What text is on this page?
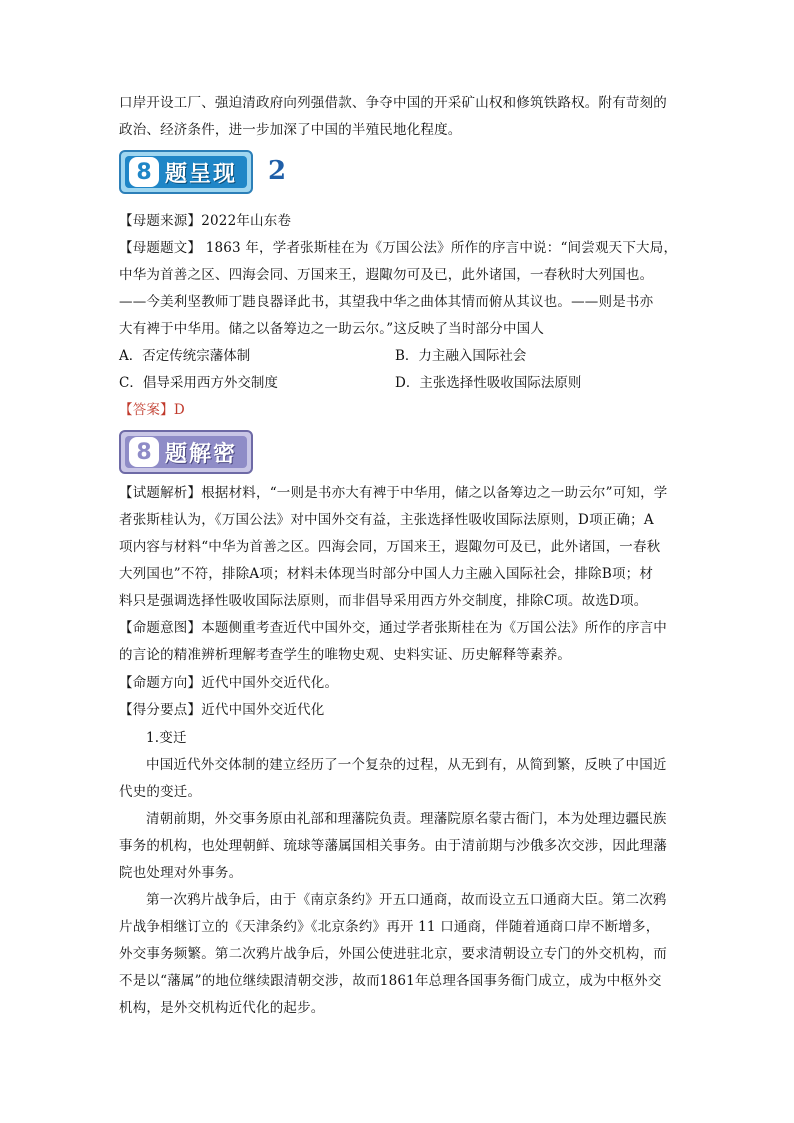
口岸开设工厂、强迫清政府向列强借款、争夺中国的开采矿山权和修筑铁路权。附有苛刻的

政治、经济条件，进一步加深了中国的半殖民地化程度。

8 题呈现 2

【母题来源】2022年山东卷

【母题题文】 1863 年，学者张斯桂在为《万国公法》所作的序言中说：“间尝观天下大局，

中华为首善之区、四海会同、万国来王，遐陬勿可及已，此外诸国，一春秋时大列国也。

——今美利坚教师丁韪良器译此书，其望我中华之曲体其情而俯从其议也。——则是书亦

大有裨于中华用。储之以备筹边之一助云尔。”这反映了当时部分中国人

A．否定传统宗藩体制	B．力主融入国际社会
C．倡导采用西方外交制度	D．主张选择性吸收国际法原则

【答案】D

8 题解密

【试题解析】根据材料，“一则是书亦大有裨于中华用，储之以备筹边之一助云尔”可知，学

者张斯桂认为，《万国公法》对中国外交有益，主张选择性吸收国际法原则，D项正确；A

项内容与材料“中华为首善之区。四海会同，万国来王，遐陬勿可及已，此外诸国，一春秋

大列国也”不符，排除A项；材料未体现当时部分中国人力主融入国际社会，排除B项；材

料只是强调选择性吸收国际法原则，而非倡导采用西方外交制度，排除C项。故选D项。

【命题意图】本题侧重考查近代中国外交，通过学者张斯桂在为《万国公法》所作的序言中

的言论的精准辨析理解考查学生的唯物史观、史料实证、历史解释等素养。

【命题方向】近代中国外交近代化。

【得分要点】近代中国外交近代化

1.变迁

中国近代外交体制的建立经历了一个复杂的过程，从无到有，从简到繁，反映了中国近

代史的变迁。

清朝前期，外交事务原由礼部和理藩院负责。理藩院原名蒙古衙门，本为处理边疆民族

事务的机构，也处理朝鲜、琉球等藩属国相关事务。由于清前期与沙俄多次交涉，因此理藩

院也处理对外事务。

第一次鸦片战争后，由于《南京条约》开五口通商，故而设立五口通商大臣。第二次鸦

片战争相继订立的《天津条约》《北京条约》再开 11 口通商，伴随着通商口岸不断增多，

外交事务频繁。第二次鸦片战争后，外国公使进驻北京，要求清朝设立专门的外交机构，而

不是以“藩属”的地位继续跟清朝交涉，故而1861年总理各国事务衙门成立，成为中枢外交

机构，是外交机构近代化的起步。
